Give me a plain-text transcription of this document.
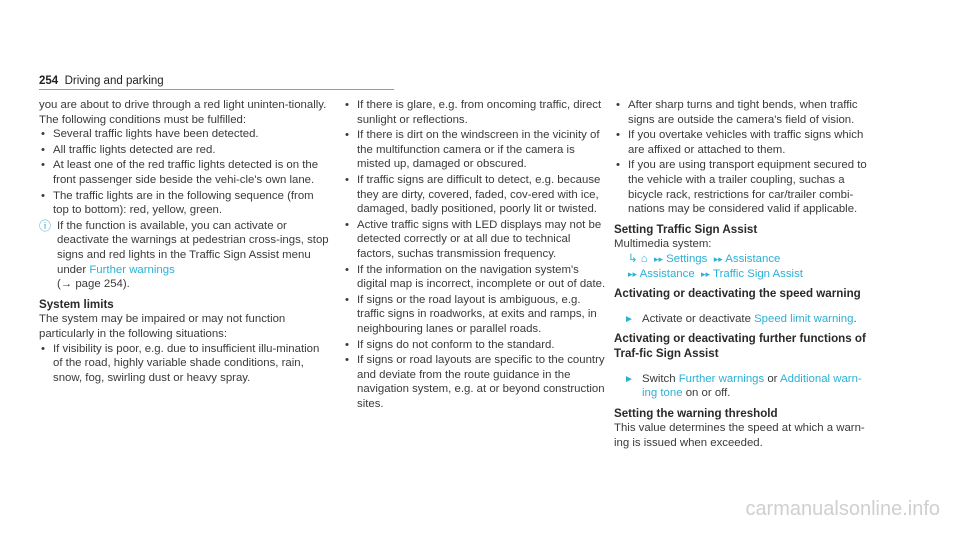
254 Driving and parking

you are about to drive through a red light uninten-tionally.

The following conditions must be fulfilled:

• Several traffic lights have been detected.
• All traffic lights detected are red.
• At least one of the red traffic lights detected is on the front passenger side beside the vehi-cle's own lane.
• The traffic lights are in the following sequence (from top to bottom): red, yellow, green.
ⓘ If the function is available, you can activate or deactivate the warnings at pedestrian cross-ings, stop signs and red lights in the Traffic Sign Assist menu under Further warnings
(→ page 254).
System limits

The system may be impaired or may not function particularly in the following situations:

• If visibility is poor, e.g. due to insufficient illu-mination of the road, highly variable shade conditions, rain, snow, fog, swirling dust or heavy spray.
• If there is glare, e.g. from oncoming traffic, direct sunlight or reflections.
• If there is dirt on the windscreen in the vicinity of the multifunction camera or if the camera is misted up, damaged or obscured.
• If traffic signs are difficult to detect, e.g. because they are dirty, covered, faded, cov-ered with ice, damaged, badly positioned, poorly lit or twisted.
• Active traffic signs with LED displays may not be detected correctly or at all due to technical factors, suchas transmission frequency.
• If the information on the navigation system's digital map is incorrect, incomplete or out of date.
• If signs or the road layout is ambiguous, e.g. traffic signs in roadworks, at exits and ramps, in neighbouring lanes or parallel roads.
• If signs do not conform to the standard.
• If signs or road layouts are specific to the country and deviate from the route guidance in the navigation system, e.g. at or beyond construction sites.
• After sharp turns and tight bends, when traffic signs are outside the camera's field of vision.
• If you overtake vehicles with traffic signs which are affixed or attached to them.
• If you are using transport equipment secured to the vehicle with a trailer coupling, suchas a bicycle rack, restrictions for car/trailer combi-nations may be considered valid if applicable.
Setting Traffic Sign Assist

Multimedia system:

↳ ⌂ ▸▸ Settings ▸▸ Assistance
▸▸ Assistance ▸▸ Traffic Sign Assist
Activating or deactivating the speed warning
► Activate or deactivate Speed limit warning.
Activating or deactivating further functions of Traf-fic Sign Assist
► Switch Further warnings or Additional warn-ing tone on or off.
Setting the warning threshold

This value determines the speed at which a warn-ing is issued when exceeded.

carmanualsonline.info
